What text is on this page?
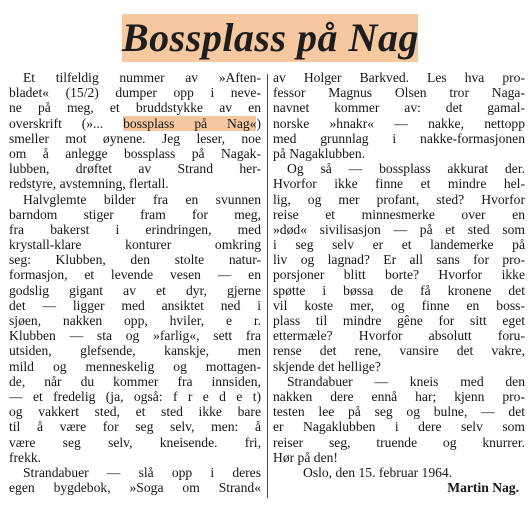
Bossplass på Nag
Et tilfeldig nummer av »Aften-
bladet« (15/2) dumper opp i neve-
ne på meg, et bruddstykke av en
overskrift (»... bossplass på Nag«)
smeller mot øynene. Jeg leser, noe
om å anlegge bossplass på Nagak-
lubben, drøftet av Strand her-
redstyre, avstemning, flertall.
Halvglemte bilder fra en svunnen
barndom stiger fram for meg,
fra bakerst i erindringen, med
krystall-klare konturer omkring
seg: Klubben, den stolte natur-
formasjon, et levende vesen — en
godslig gigant av et dyr, gjerne
det — ligger med ansiktet ned i
sjøen, nakken opp, hviler, e r.
Klubben — sta og »farlig«, sett fra
utsiden, glefsende, kanskje, men
mild og menneskelig og mottagen-
de, når du kommer fra innsiden,
— et fredelig (ja, også: f r e d e t)
og vakkert sted, et sted ikke bare
til å være for seg selv, men: å
være seg selv, kneisende. fri,
frekk.
Strandabuer — slå opp i deres
egen bygdebok, »Soga om Strand«
av Holger Barkved. Les hva pro-
fessor Magnus Olsen tror Naga-
navnet kommer av: det gamal-
norske »hnakr« — nakke, nettopp
med grunnlag i nakke-formasjonen
på Nagaklubben.
Og så — bossplass akkurat der.
Hvorfor ikke finne et mindre hel-
lig, og mer profant, sted? Hvorfor
reise et minnesmerke over en
»død« sivilisasjon — på et sted som
i seg selv er et landemerke på
liv og lagnad? Er all sans for pro-
porsjoner blitt borte? Hvorfor ikke
spøtte i bøssa de få kronene det
vil koste mer, og finne en boss-
plass til mindre gêne for sitt eget
ettermæle? Hvorfor absolutt foru-
rense det rene, vansire det vakre,
skjende det hellige?
Strandabuer — kneis med den
nakken dere ennå har; kjenn pro-
testen lee på seg og bulne, — det
er Nagaklubben i dere selv som
reiser seg, truende og knurrer.
Hør på den!
Oslo, den 15. februar 1964.
Martin Nag.
